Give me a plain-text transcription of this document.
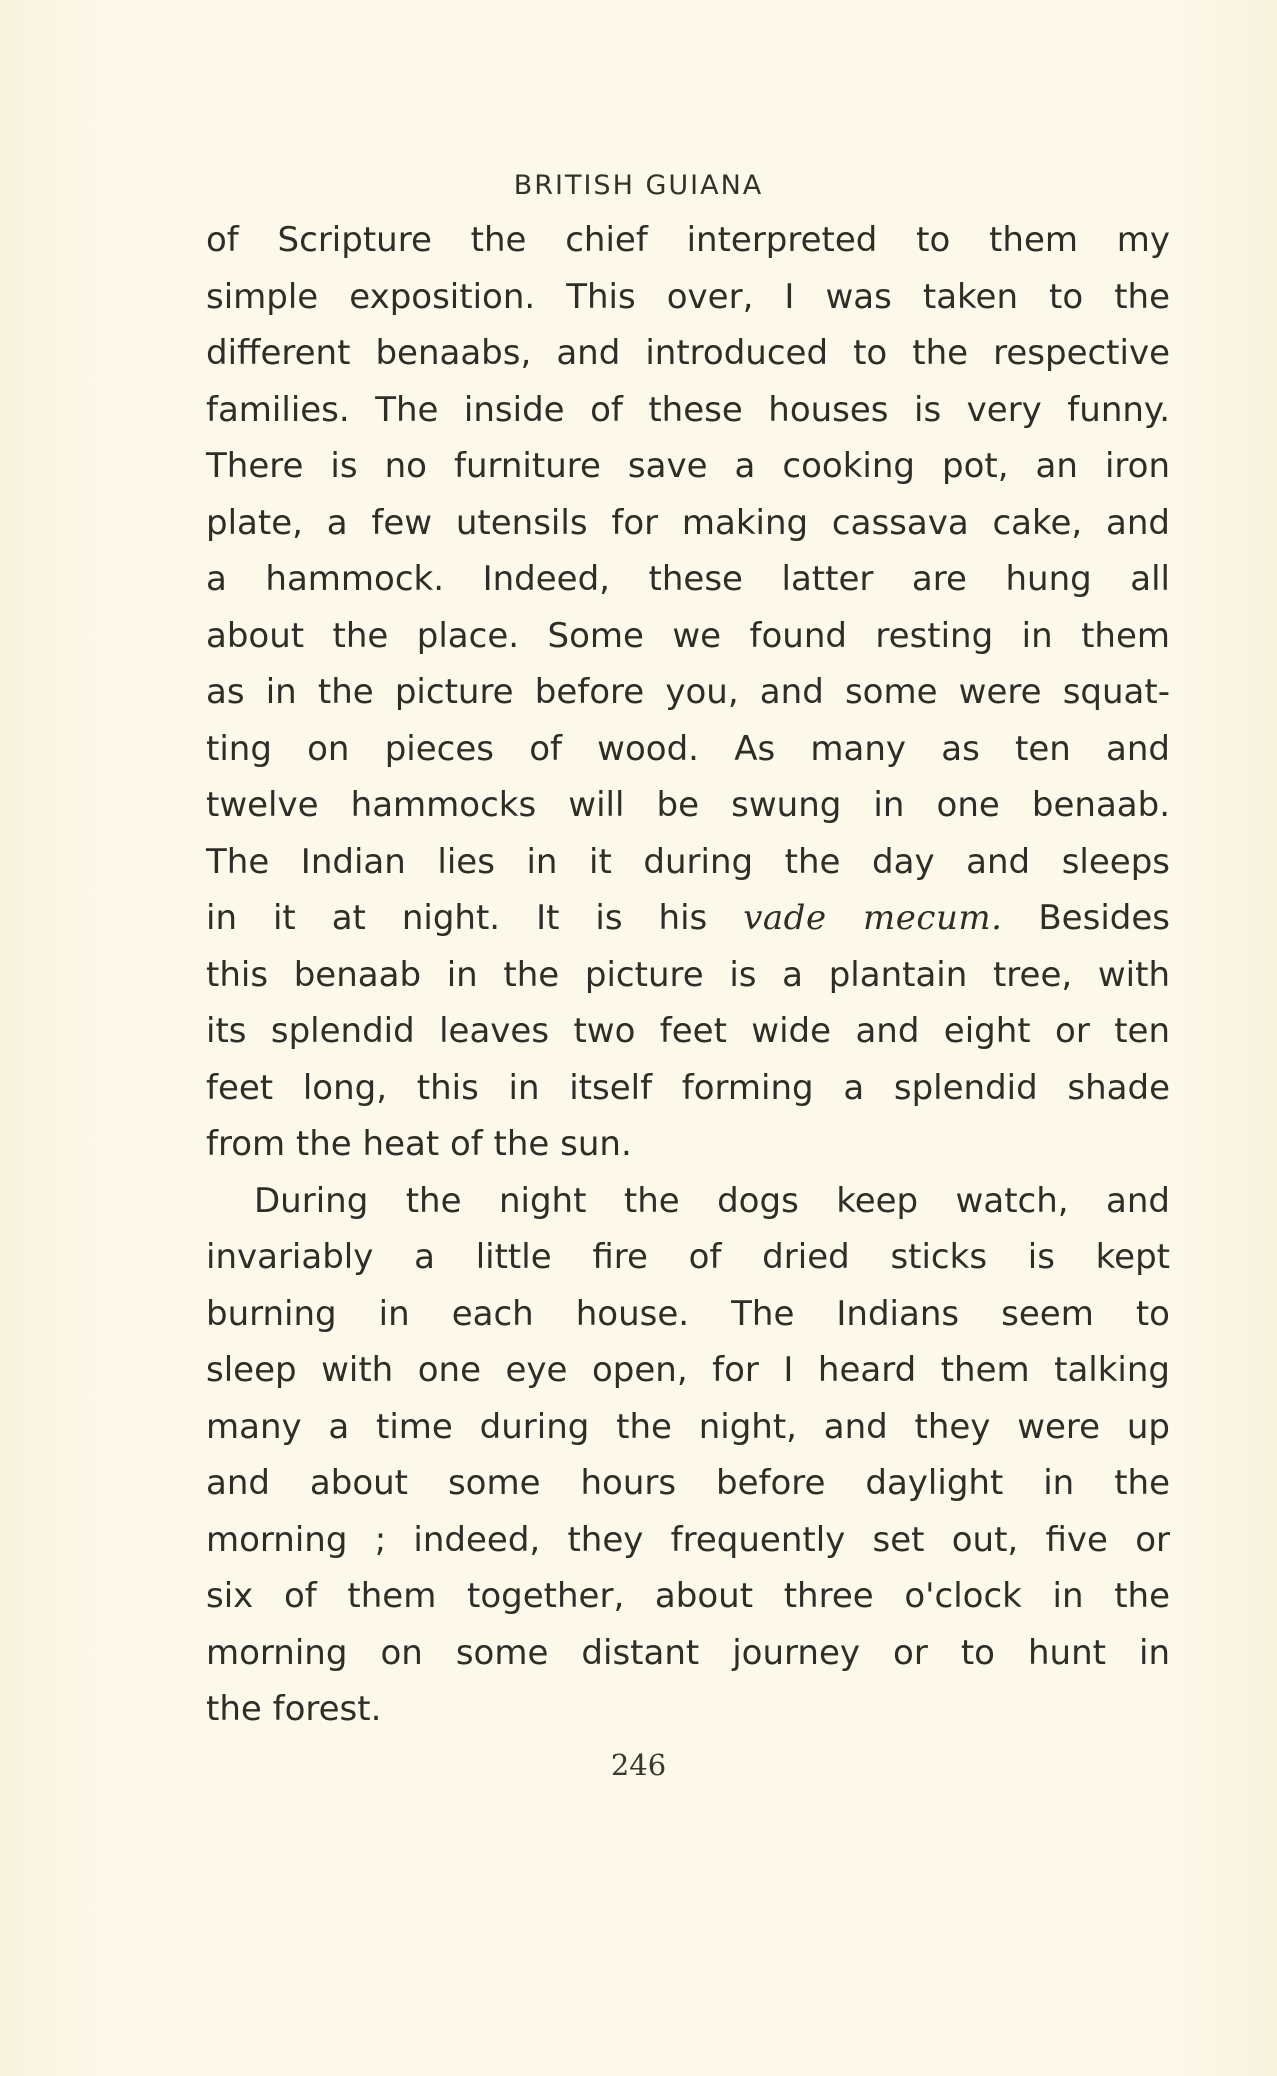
BRITISH GUIANA
of Scripture the chief interpreted to them my
simple exposition. This over, I was taken to the
different benaabs, and introduced to the respective
families. The inside of these houses is very funny.
There is no furniture save a cooking pot, an iron
plate, a few utensils for making cassava cake, and
a hammock. Indeed, these latter are hung all
about the place. Some we found resting in them
as in the picture before you, and some were squat-
ting on pieces of wood. As many as ten and
twelve hammocks will be swung in one benaab.
The Indian lies in it during the day and sleeps
in it at night. It is his vade mecum. Besides
this benaab in the picture is a plantain tree, with
its splendid leaves two feet wide and eight or ten
feet long, this in itself forming a splendid shade
from the heat of the sun.
During the night the dogs keep watch, and
invariably a little fire of dried sticks is kept
burning in each house. The Indians seem to
sleep with one eye open, for I heard them talking
many a time during the night, and they were up
and about some hours before daylight in the
morning ; indeed, they frequently set out, five or
six of them together, about three o'clock in the
morning on some distant journey or to hunt in
the forest.
246
